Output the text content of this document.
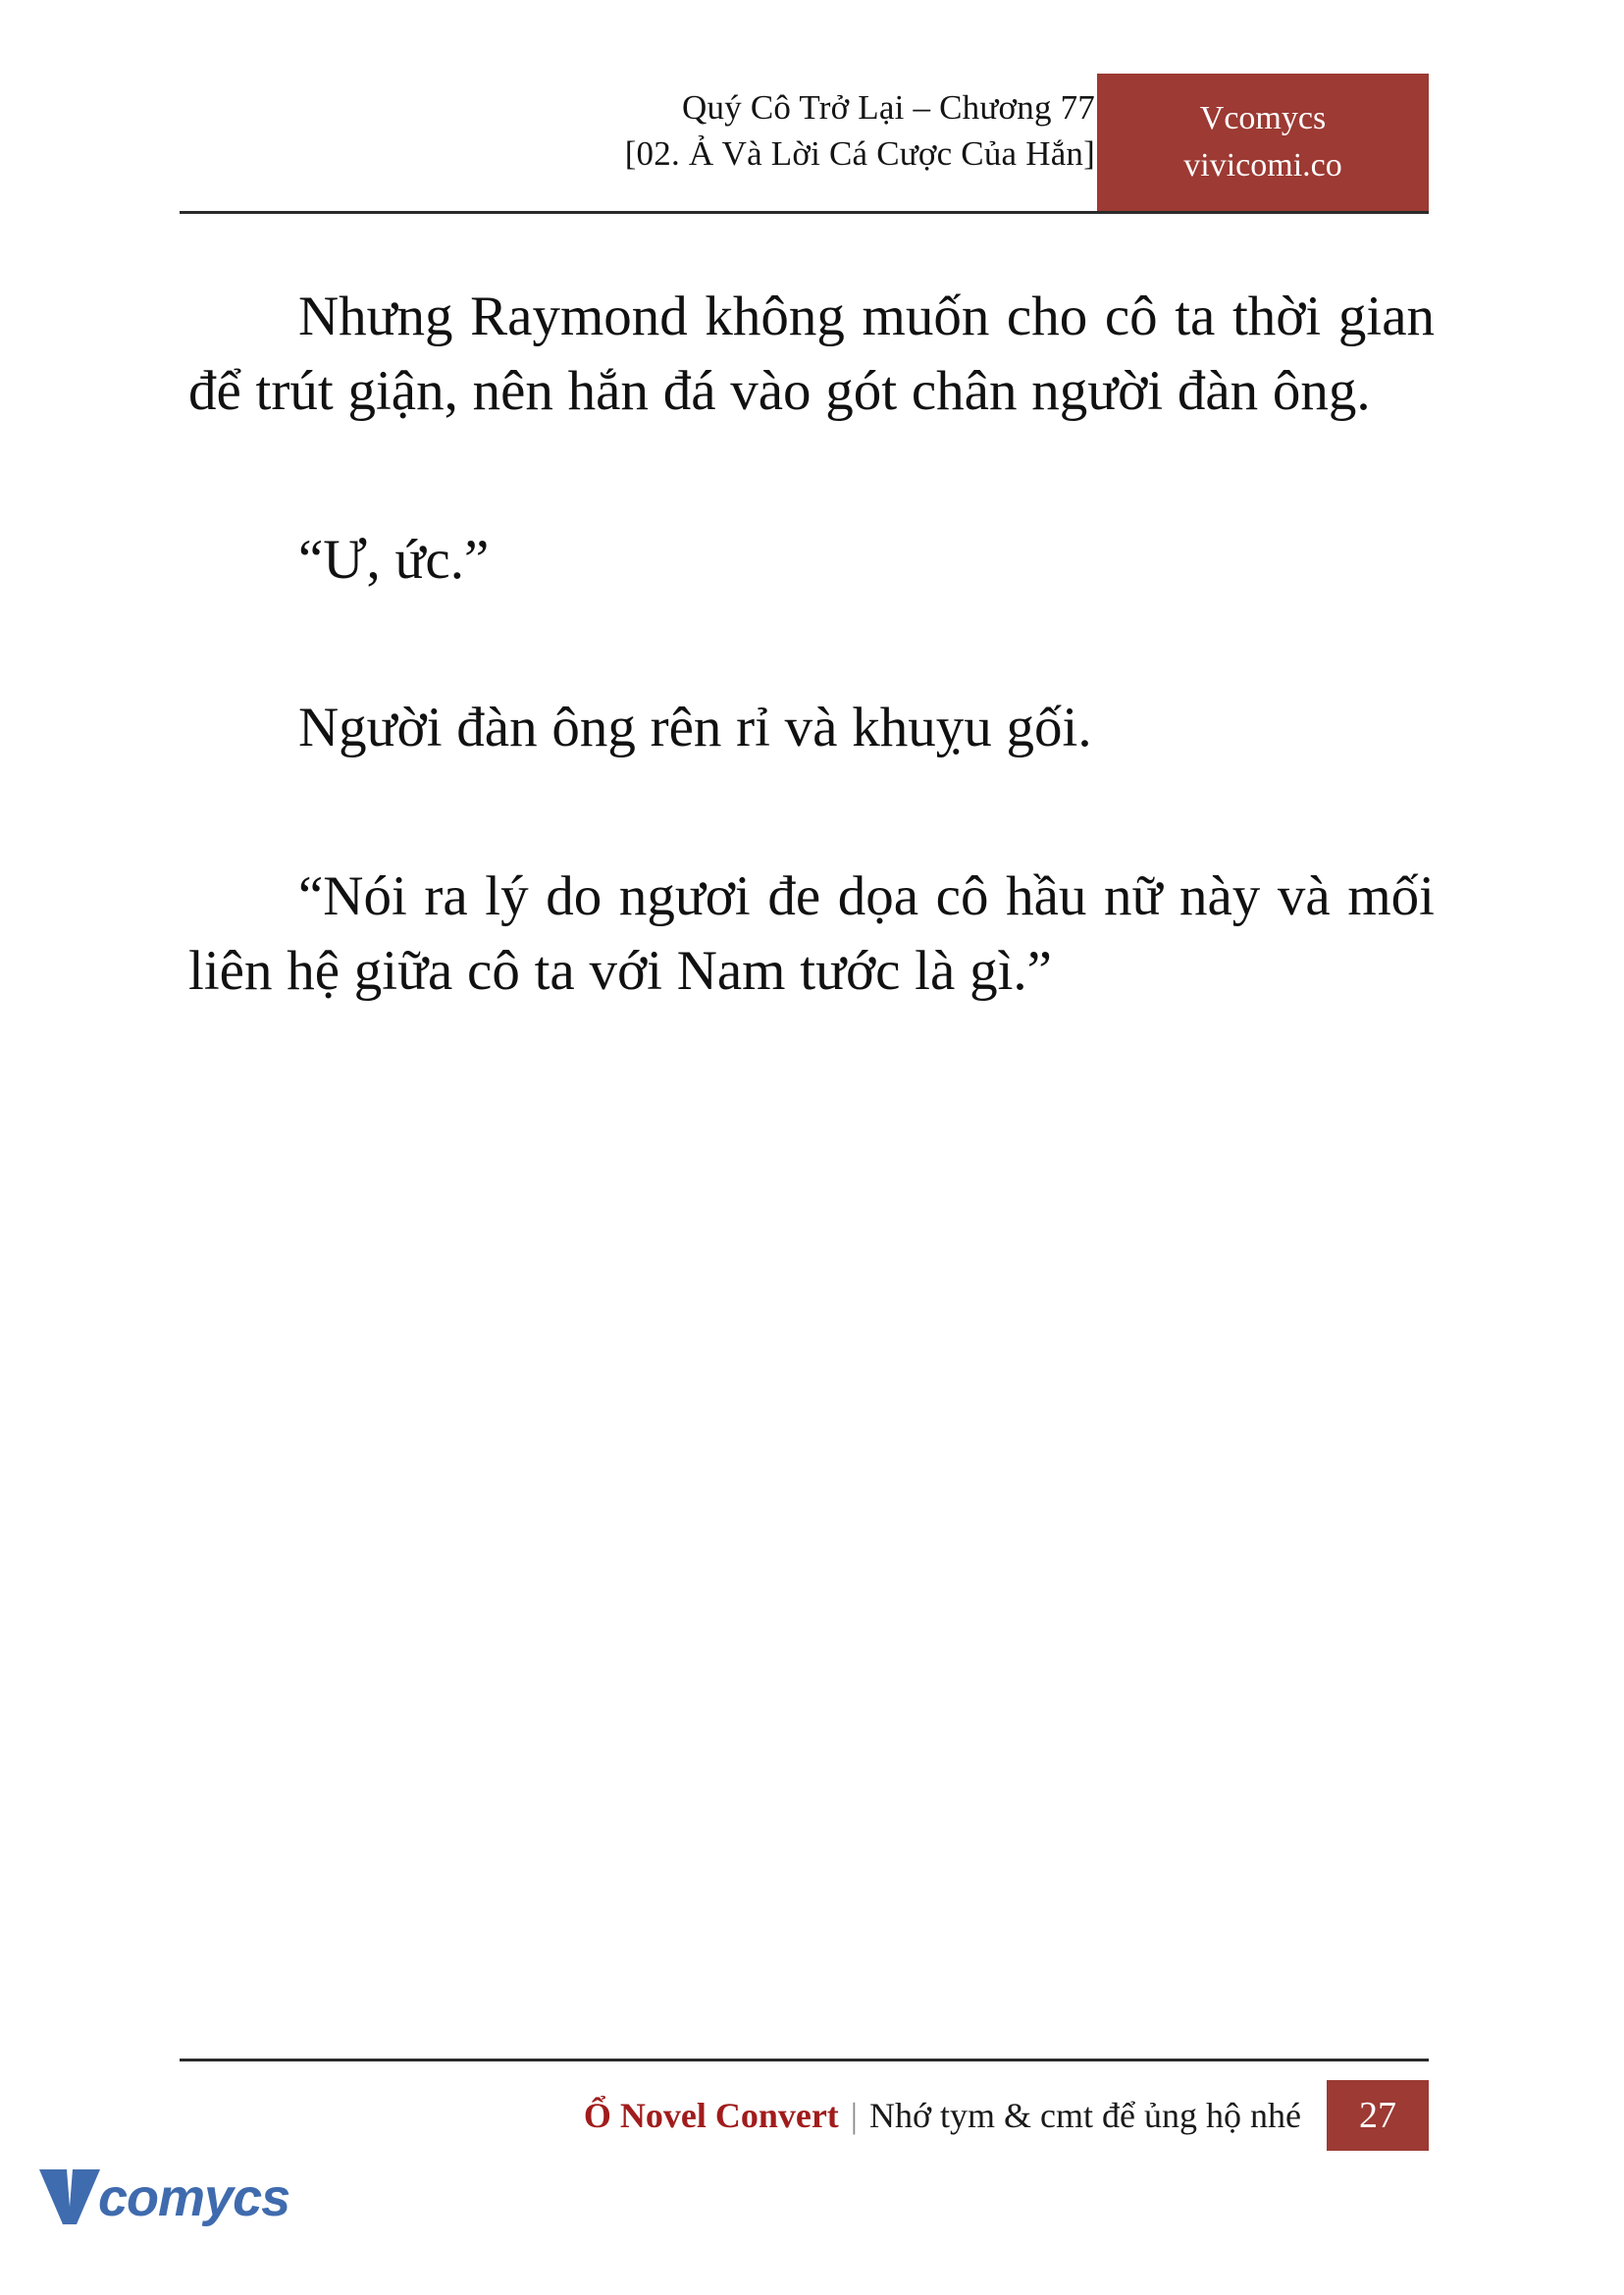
Quý Cô Trở Lại – Chương 77
[02. Ả Và Lời Cá Cược Của Hắn]
Vcomycs
vivicomi.co

Nhưng Raymond không muốn cho cô ta thời gian để trút giận, nên hắn đá vào gót chân người đàn ông.

“Ư, ức.”

Người đàn ông rên rỉ và khuỵu gối.

“Nói ra lý do ngươi đe dọa cô hầu nữ này và mối liên hệ giữa cô ta với Nam tước là gì.”

Ổ Novel Convert | Nhớ tym & cmt để ủng hộ nhé	27
comycs
